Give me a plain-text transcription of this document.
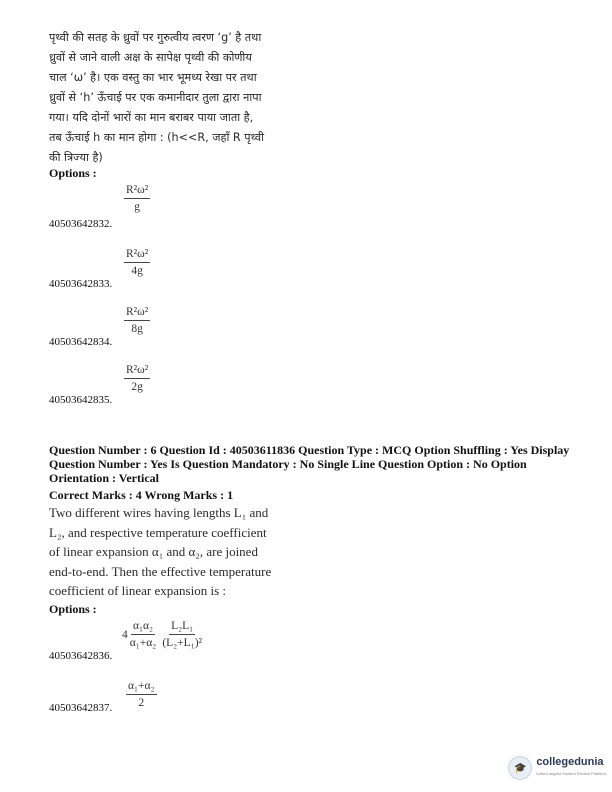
पृथ्वी की सतह के ध्रुवों पर गुरुत्वीय त्वरण ‘g’ है तथा
ध्रुवों से जाने वाली अक्ष के सापेक्ष पृथ्वी की कोणीय
चाल ‘ω’ है। एक वस्तु का भार भूमध्य रेखा पर तथा
ध्रुवों से ‘h’ ऊँचाई पर एक कमानीदार तुला द्वारा नापा
गया। यदि दोनों भारों का मान बराबर पाया जाता है,
तब ऊँचाई h का मान होगा : (h<<R, जहाँ R पृथ्वी
की त्रिज्या है)
Options :
$\frac{\text{R²ω²}}{g}$
40503642832.
$\frac{\text{R²ω²}}{4g}$
40503642833.
$\frac{\text{R²ω²}}{8g}$
40503642834.
$\frac{\text{R²ω²}}{2g}$
40503642835.
Question Number : 6 Question Id : 40503611836 Question Type : MCQ Option Shuffling : Yes Display
Question Number : Yes Is Question Mandatory : No Single Line Question Option : No Option
Orientation : Vertical
Correct Marks : 4 Wrong Marks : 1
Two different wires having lengths L₁ and
L₂, and respective temperature coefficient
of linear expansion α₁ and α₂, are joined
end-to-end. Then the effective temperature
coefficient of linear expansion is :
Options :
$4 \frac{\text{α₁α₂}}{\text{α₁+α₂}} \frac{\text{L₂L₁}}{\text{(L₂+L₁)²}}$
40503642836.
$\frac{\text{α₁+α₂}}{2}$
40503642837.
🎓 collegedunia
India's largest Student Review Platform
